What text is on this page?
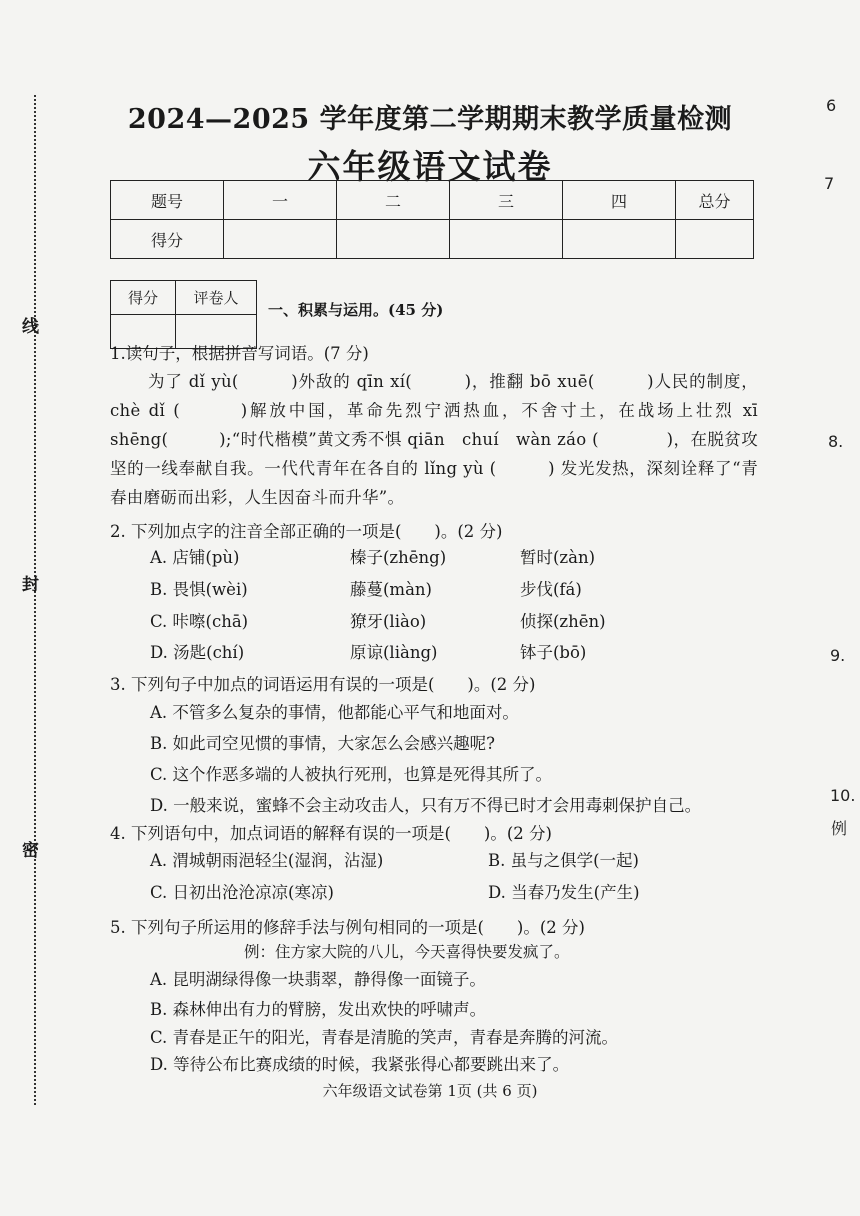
线
封
密
2024—2025 学年度第二学期期末教学质量检测
六年级语文试卷
题号	一	二	三	四	总分
得分					
得分	评卷人

一、积累与运用。(45 分)
1.读句子，根据拼音写词语。(7 分)
为了 dǐ yù(　　　)外敌的 qīn xí(　　　)，推翻 bō xuē(　　　)人民的制度，chè dǐ (　　　)解放中国，革命先烈宁洒热血，不舍寸土，在战场上壮烈 xī shēng(　　　);“时代楷模”黄文秀不惧 qiān　chuí　wàn záo (　　　　)，在脱贫攻坚的一线奉献自我。一代代青年在各自的 lǐng yù (　　　) 发光发热，深刻诠释了“青春由磨砺而出彩，人生因奋斗而升华”。
2. 下列加点字的注音全部正确的一项是(　　)。(2 分)
A. 店铺(pù)	榛子(zhēng)	暂时(zàn)
B. 畏惧(wèi)	藤蔓(màn)	步伐(fá)
C. 咔嚓(chā)	獠牙(liào)	侦探(zhēn)
D. 汤匙(chí)	原谅(liàng)	钵子(bō)
3. 下列句子中加点的词语运用有误的一项是(　　)。(2 分)
A. 不管多么复杂的事情，他都能心平气和地面对。
B. 如此司空见惯的事情，大家怎么会感兴趣呢?
C. 这个作恶多端的人被执行死刑，也算是死得其所了。
D. 一般来说，蜜蜂不会主动攻击人，只有万不得已时才会用毒刺保护自己。
4. 下列语句中，加点词语的解释有误的一项是(　　)。(2 分)
A. 渭城朝雨浥轻尘(湿润，沾湿)	B. 虽与之俱学(一起)
C. 日初出沧沧凉凉(寒凉)	D. 当春乃发生(产生)
5. 下列句子所运用的修辞手法与例句相同的一项是(　　)。(2 分)
例：住方家大院的八儿，今天喜得快要发疯了。
A. 昆明湖绿得像一块翡翠，静得像一面镜子。
B. 森林伸出有力的臂膀，发出欢快的呼啸声。
C. 青春是正午的阳光，青春是清脆的笑声，青春是奔腾的河流。
D. 等待公布比赛成绩的时候，我紧张得心都要跳出来了。
六年级语文试卷第 1页 (共 6 页)
6
7
8.
9.
10.
例
